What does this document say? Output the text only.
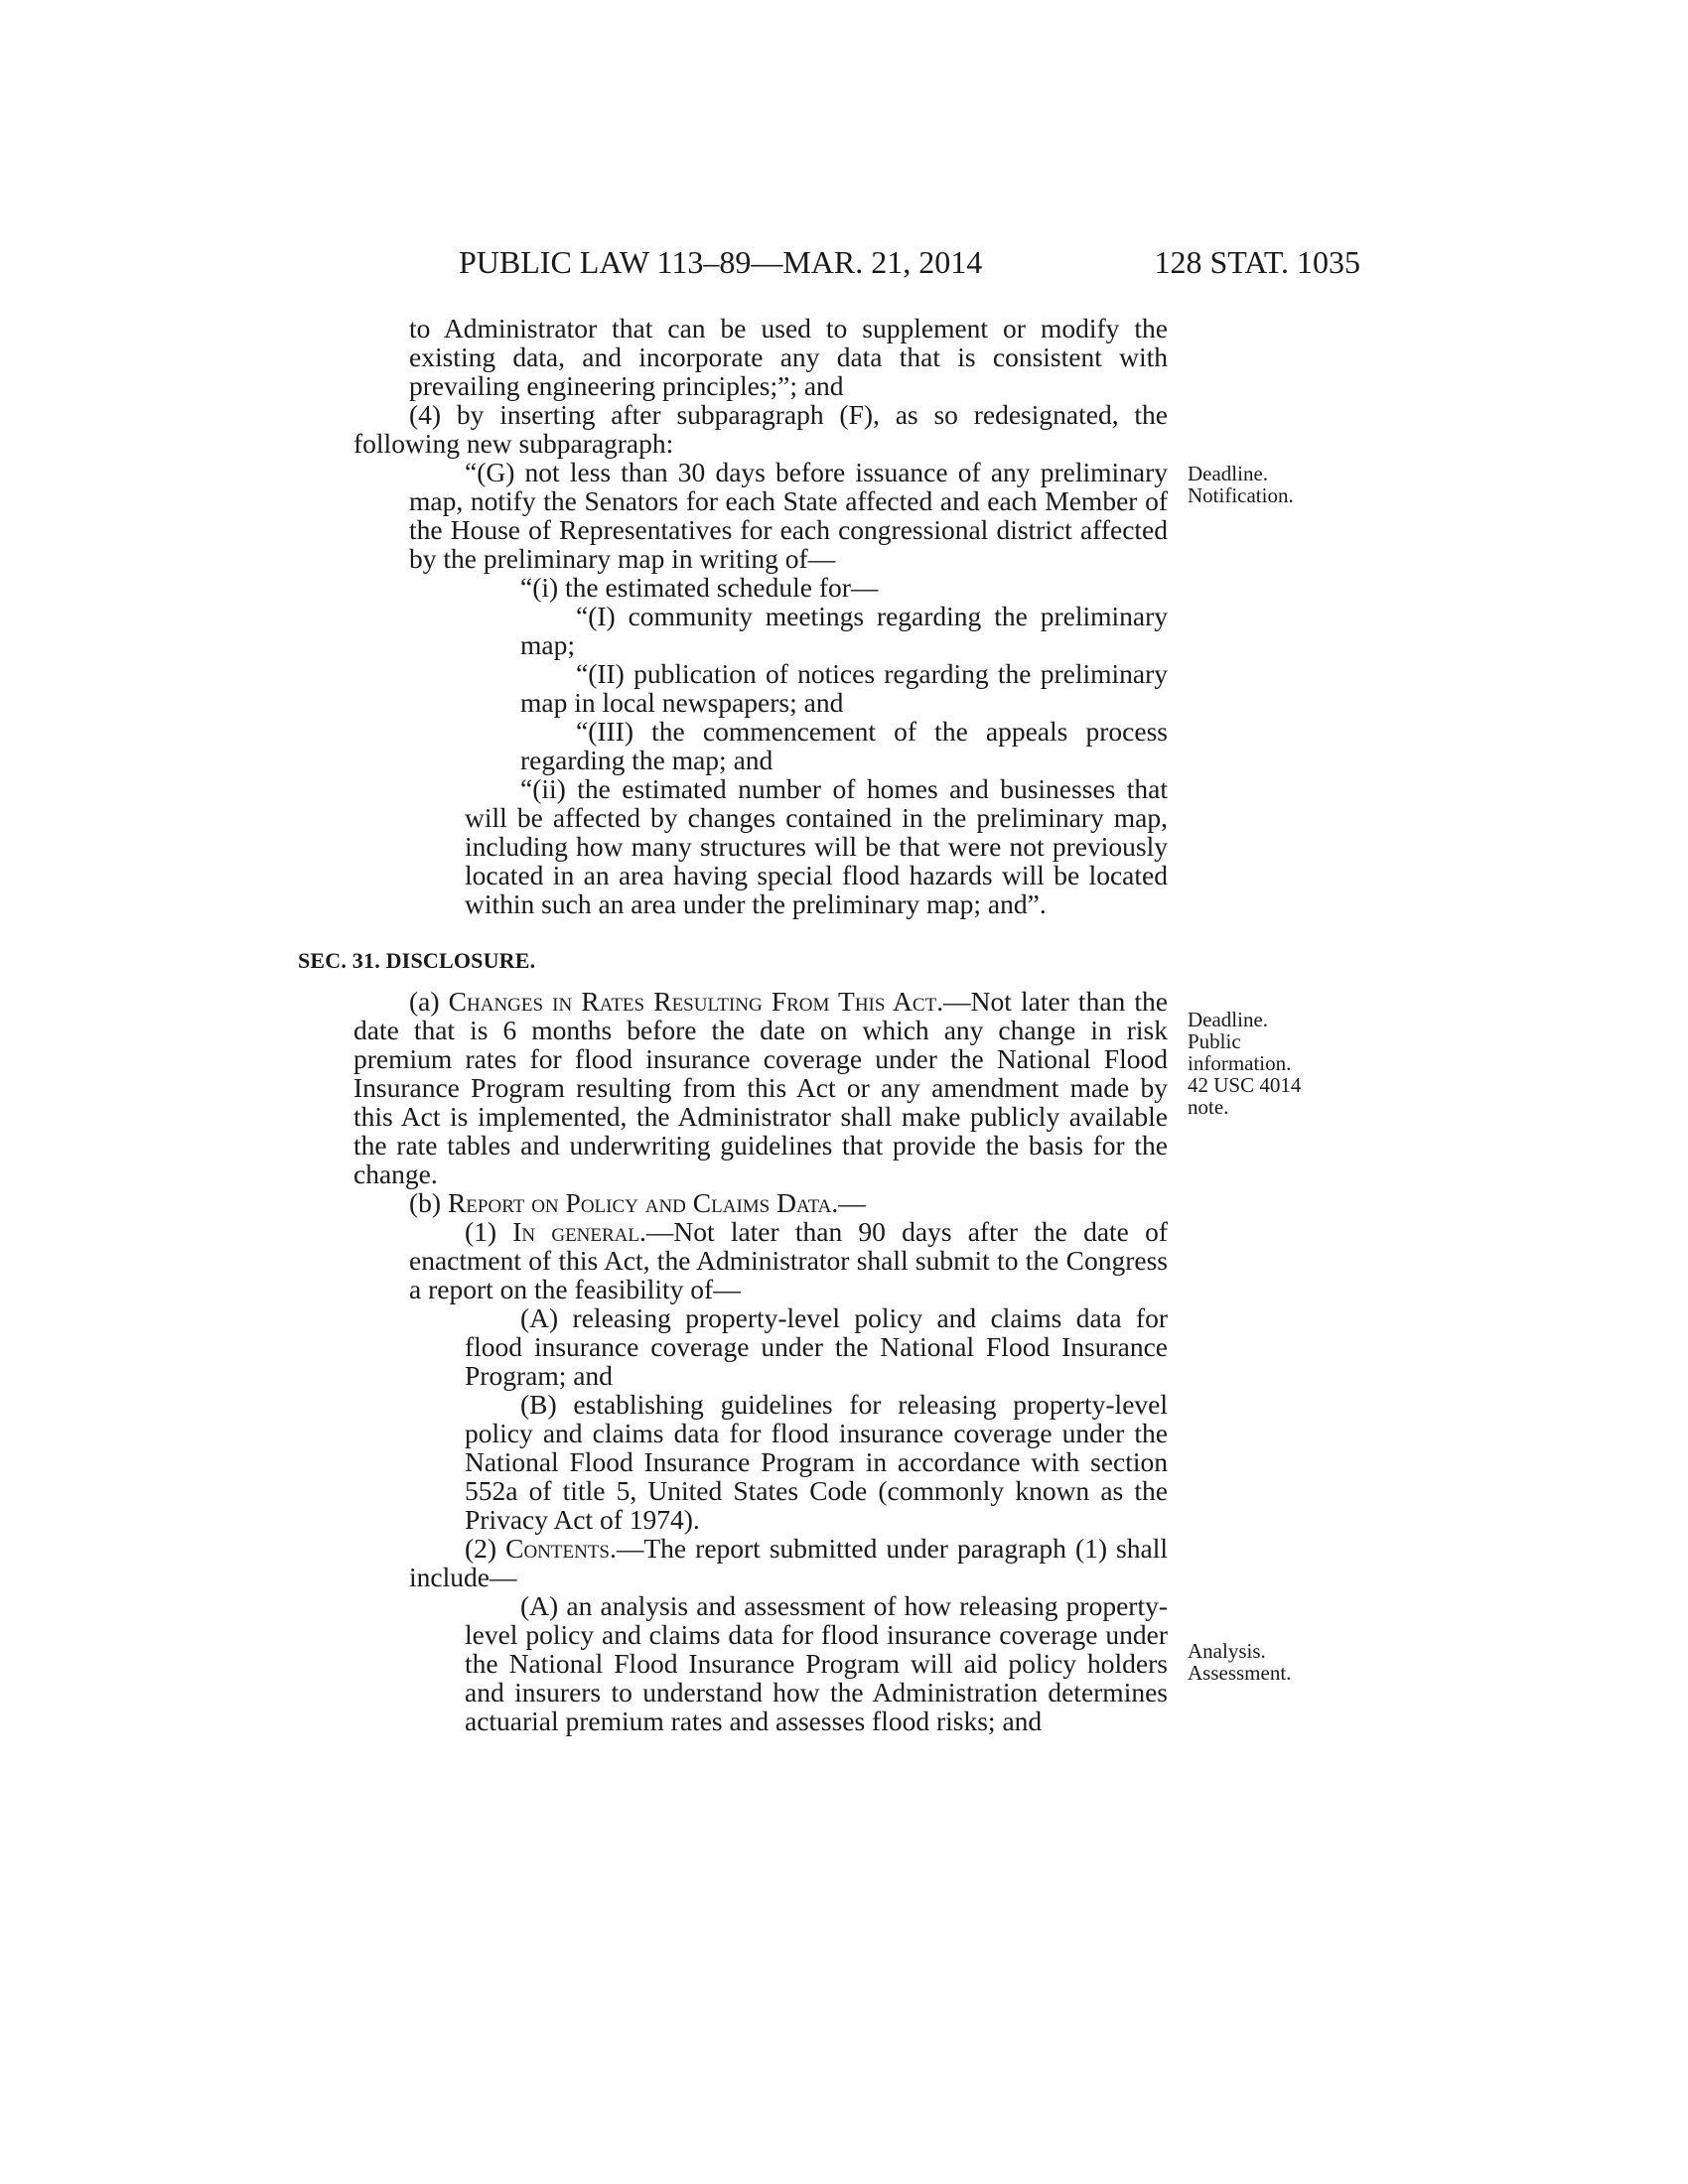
PUBLIC LAW 113–89—MAR. 21, 2014	128 STAT. 1035

to Administrator that can be used to supplement or modify the existing data, and incorporate any data that is consistent with prevailing engineering principles;”; and

(4) by inserting after subparagraph (F), as so redesignated, the following new subparagraph:

“(G) not less than 30 days before issuance of any preliminary map, notify the Senators for each State affected and each Member of the House of Representatives for each congressional district affected by the preliminary map in writing of—

“(i) the estimated schedule for—

“(I) community meetings regarding the preliminary map;

“(II) publication of notices regarding the preliminary map in local newspapers; and

“(III) the commencement of the appeals process regarding the map; and

“(ii) the estimated number of homes and businesses that will be affected by changes contained in the preliminary map, including how many structures will be that were not previously located in an area having special flood hazards will be located within such an area under the preliminary map; and”.

SEC. 31. DISCLOSURE.

(a) Changes in Rates Resulting From This Act.—Not later than the date that is 6 months before the date on which any change in risk premium rates for flood insurance coverage under the National Flood Insurance Program resulting from this Act or any amendment made by this Act is implemented, the Administrator shall make publicly available the rate tables and underwriting guidelines that provide the basis for the change.

(b) Report on Policy and Claims Data.—

(1) In general.—Not later than 90 days after the date of enactment of this Act, the Administrator shall submit to the Congress a report on the feasibility of—

(A) releasing property-level policy and claims data for flood insurance coverage under the National Flood Insurance Program; and

(B) establishing guidelines for releasing property-level policy and claims data for flood insurance coverage under the National Flood Insurance Program in accordance with section 552a of title 5, United States Code (commonly known as the Privacy Act of 1974).

(2) Contents.—The report submitted under paragraph (1) shall include—

(A) an analysis and assessment of how releasing property-level policy and claims data for flood insurance coverage under the National Flood Insurance Program will aid policy holders and insurers to understand how the Administration determines actuarial premium rates and assesses flood risks; and

Deadline.
Notification.
Deadline.
Public
information.
42 USC 4014
note.
Analysis.
Assessment.
